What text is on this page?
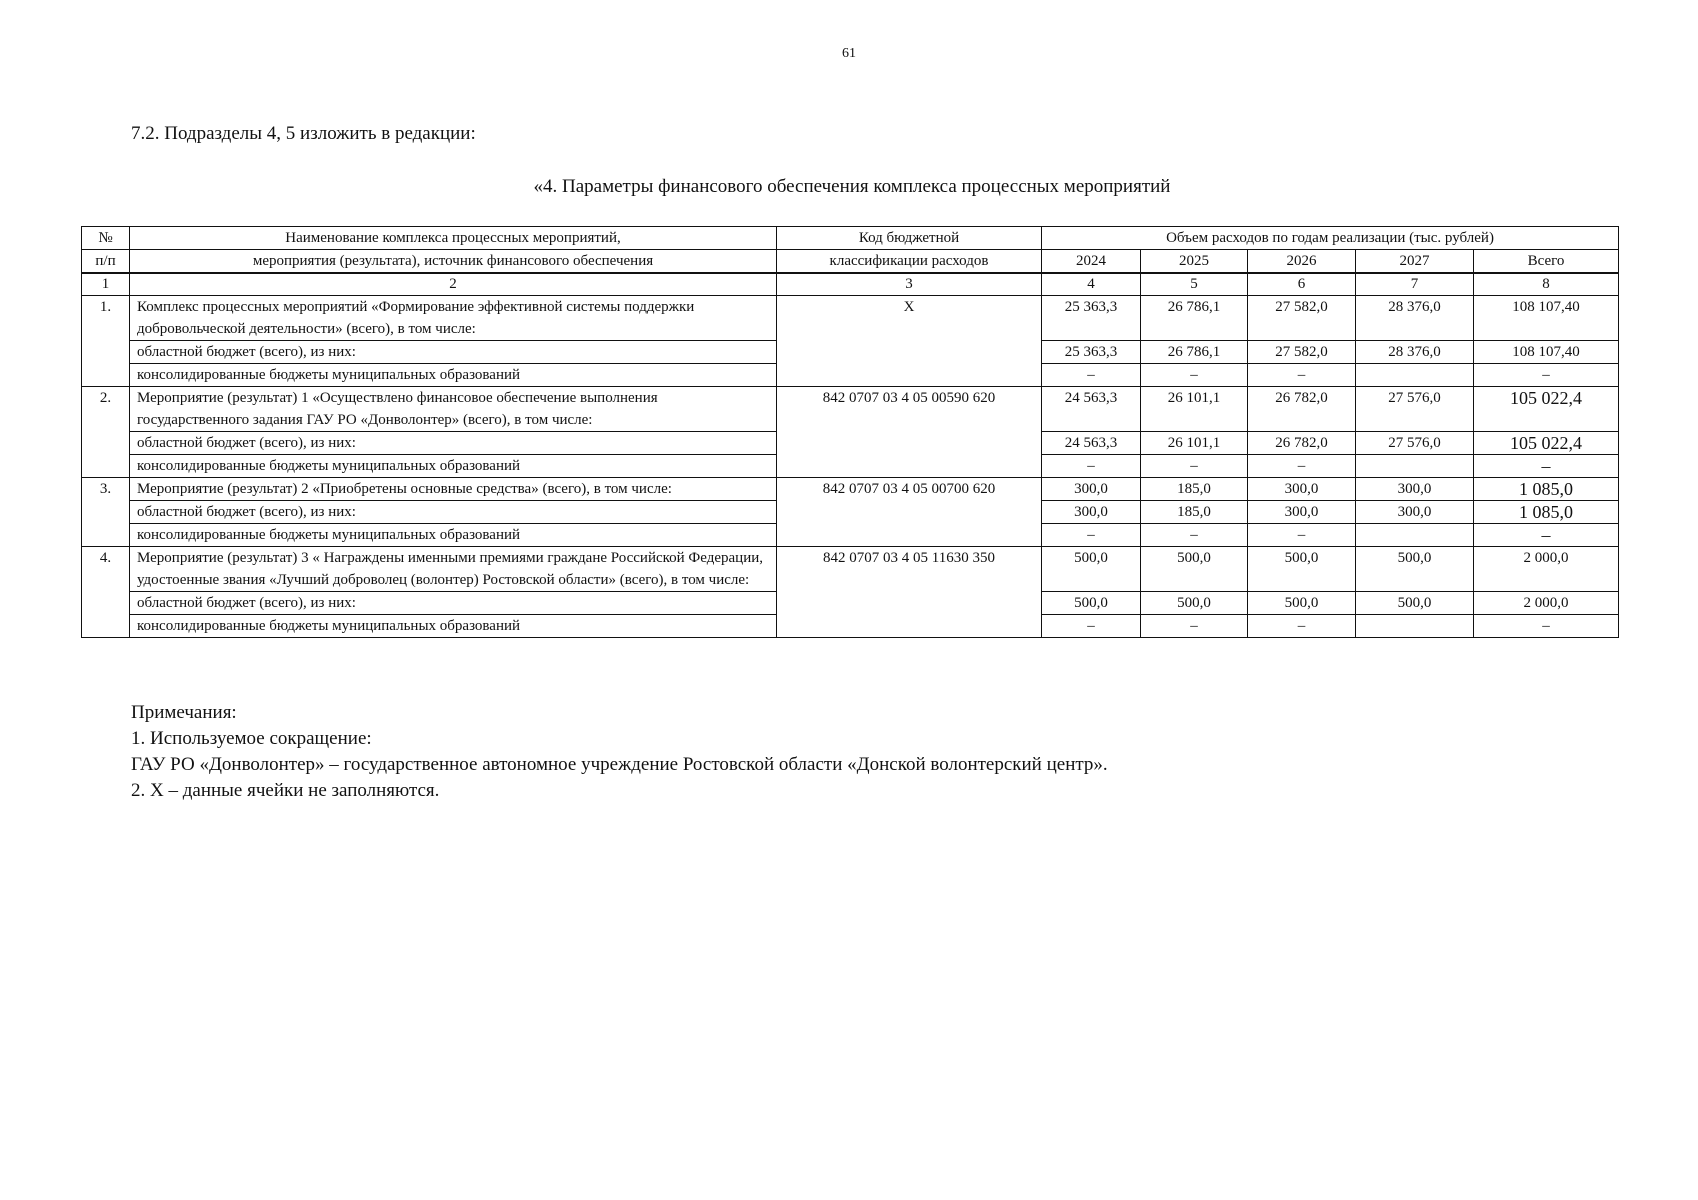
61
7.2. Подразделы 4, 5 изложить в редакции:
«4. Параметры финансового обеспечения комплекса процессных мероприятий
№	Наименование комплекса процессных мероприятий,	Код бюджетной	Объем расходов по годам реализации (тыс. рублей)				
п/п	мероприятия (результата), источник финансового обеспечения	классификации расходов	2024	2025	2026	2027	Всего
1	2	3	4	5	6	7	8
1.	Комплекс процессных мероприятий «Формирование эффективной системы поддержки добровольческой деятельности» (всего), в том числе:	X	25 363,3	26 786,1	27 582,0	28 376,0	108 107,40
	областной бюджет (всего), из них:		25 363,3	26 786,1	27 582,0	28 376,0	108 107,40
	консолидированные бюджеты муниципальных образований		–	–	–		–
2.	Мероприятие (результат) 1 «Осуществлено финансовое обеспечение выполнения государственного задания ГАУ РО «Донволонтер» (всего), в том числе:	842 0707 03 4 05 00590 620	24 563,3	26 101,1	26 782,0	27 576,0	105 022,4
	областной бюджет (всего), из них:		24 563,3	26 101,1	26 782,0	27 576,0	105 022,4
	консолидированные бюджеты муниципальных образований		–	–	–		–
3.	Мероприятие (результат) 2 «Приобретены основные средства» (всего), в том числе:	842 0707 03 4 05 00700 620	300,0	185,0	300,0	300,0	1 085,0
	областной бюджет (всего), из них:		300,0	185,0	300,0	300,0	1 085,0
	консолидированные бюджеты муниципальных образований		–	–	–		–
4.	Мероприятие (результат) 3 « Награждены именными премиями граждане Российской Федерации, удостоенные звания «Лучший доброволец (волонтер) Ростовской области» (всего), в том числе:	842 0707 03 4 05 11630 350	500,0	500,0	500,0	500,0	2 000,0
	областной бюджет (всего), из них:		500,0	500,0	500,0	500,0	2 000,0
	консолидированные бюджеты муниципальных образований		–	–	–		–
Примечания:
1. Используемое сокращение:
ГАУ РО «Донволонтер» – государственное автономное учреждение Ростовской области «Донской волонтерский центр».
2. X – данные ячейки не заполняются.
